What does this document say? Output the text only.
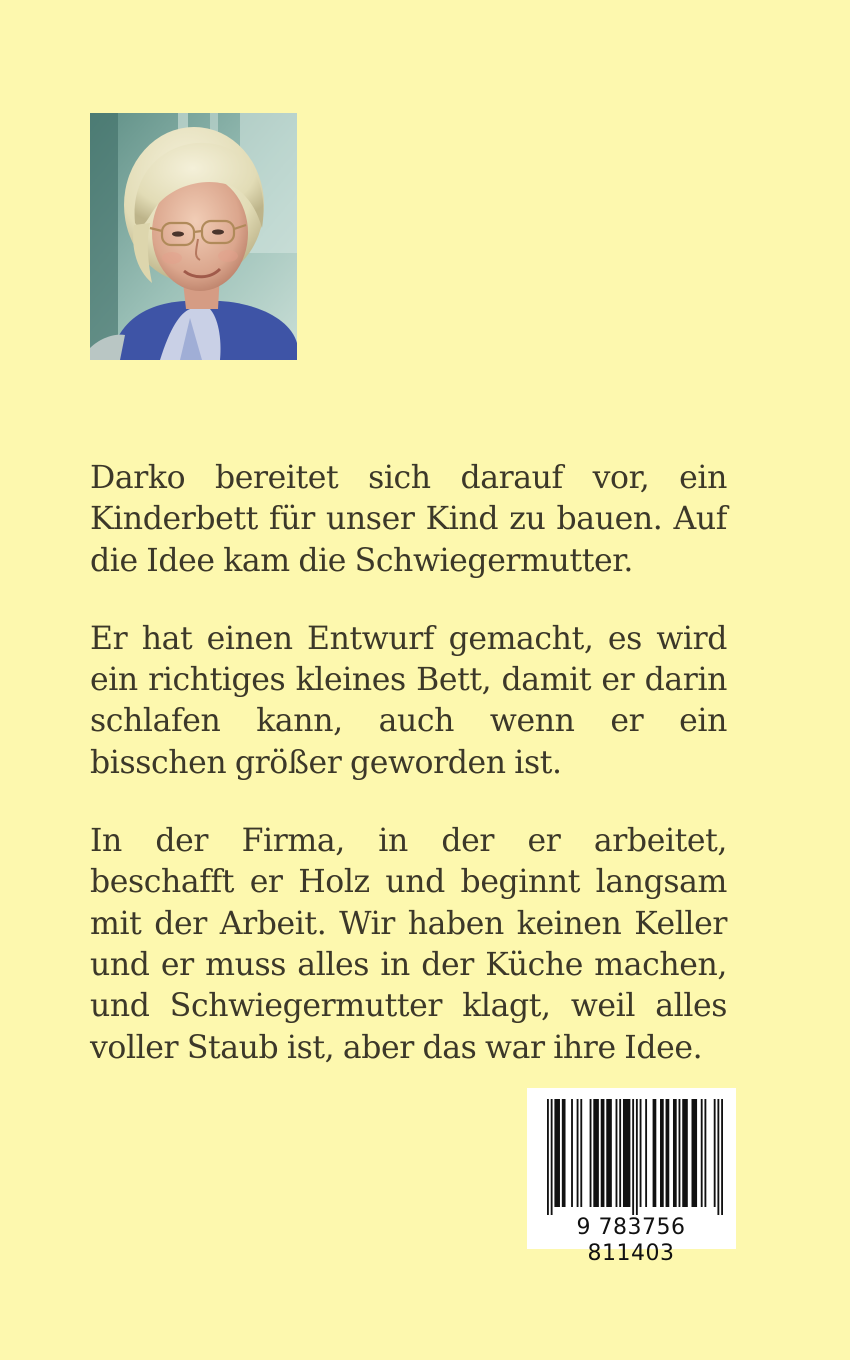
Darko bereitet sich darauf vor, ein Kinderbett für unser Kind zu bauen. Auf die Idee kam die Schwiegermutter.

Er hat einen Entwurf gemacht, es wird ein richtiges kleines Bett, damit er darin schlafen kann, auch wenn er ein bisschen größer geworden ist.

In der Firma, in der er arbeitet, beschafft er Holz und beginnt langsam mit der Arbeit. Wir haben keinen Keller und er muss alles in der Küche machen, und Schwiegermutter klagt, weil alles voller Staub ist, aber das war ihre Idee.

9 783756 811403
